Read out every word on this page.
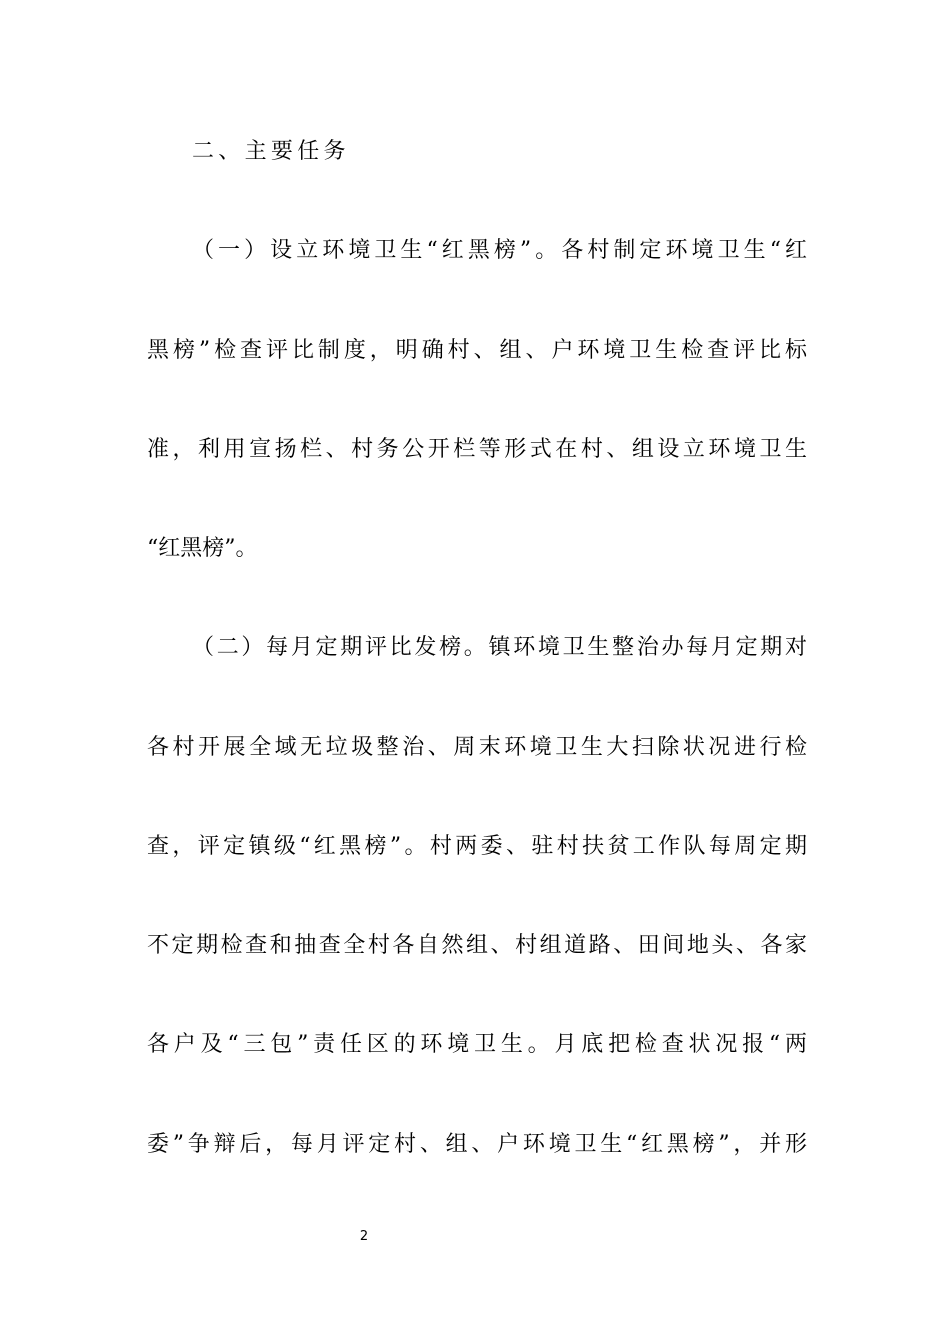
二、主要任务
（一）设立环境卫生“红黑榜”。各村制定环境卫生“红
黑榜”检查评比制度，明确村、组、户环境卫生检查评比标
准，利用宣扬栏、村务公开栏等形式在村、组设立环境卫生
“红黑榜”。
（二）每月定期评比发榜。镇环境卫生整治办每月定期对
各村开展全域无垃圾整治、周末环境卫生大扫除状况进行检
查，评定镇级“红黑榜”。村两委、驻村扶贫工作队每周定期
不定期检查和抽查全村各自然组、村组道路、田间地头、各家
各户及“三包”责任区的环境卫生。月底把检查状况报“两
委”争辩后，每月评定村、组、户环境卫生“红黑榜”，并形
2
